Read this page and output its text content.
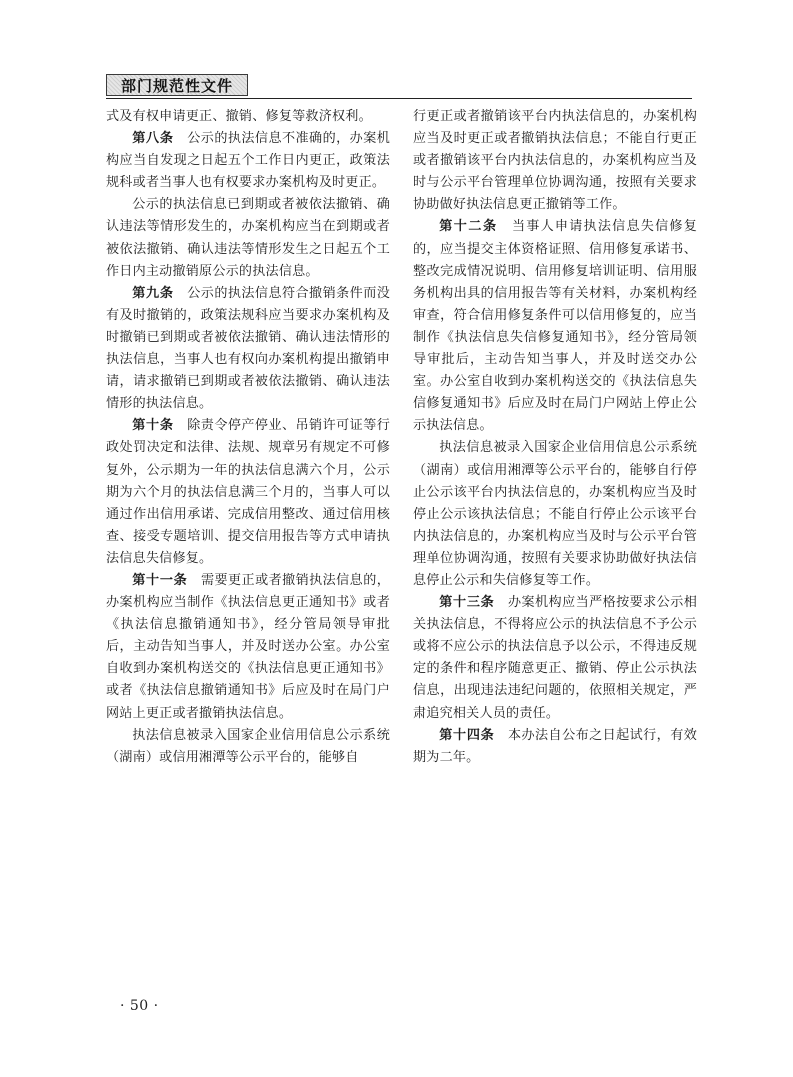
部门规范性文件

式及有权申请更正、撤销、修复等救济权利。

第八条　 公示的执法信息不准确的，办案机构应当自发现之日起五个工作日内更正，政策法规科或者当事人也有权要求办案机构及时更正。

公示的执法信息已到期或者被依法撤销、确认违法等情形发生的，办案机构应当在到期或者被依法撤销、确认违法等情形发生之日起五个工作日内主动撤销原公示的执法信息。

第九条　 公示的执法信息符合撤销条件而没有及时撤销的，政策法规科应当要求办案机构及时撤销已到期或者被依法撤销、确认违法情形的执法信息，当事人也有权向办案机构提出撤销申请，请求撤销已到期或者被依法撤销、确认违法情形的执法信息。

第十条　 除责令停产停业、吊销许可证等行政处罚决定和法律、法规、规章另有规定不可修复外，公示期为一年的执法信息满六个月，公示期为六个月的执法信息满三个月的，当事人可以通过作出信用承诺、完成信用整改、通过信用核查、接受专题培训、提交信用报告等方式申请执法信息失信修复。

第十一条　 需要更正或者撤销执法信息的，办案机构应当制作《执法信息更正通知书》或者《执法信息撤销通知书》，经分管局领导审批后，主动告知当事人，并及时送办公室。办公室自收到办案机构送交的《执法信息更正通知书》或者《执法信息撤销通知书》后应及时在局门户网站上更正或者撤销执法信息。

执法信息被录入国家企业信用信息公示系统（湖南）或信用湘潭等公示平台的，能够自

行更正或者撤销该平台内执法信息的，办案机构应当及时更正或者撤销执法信息；不能自行更正或者撤销该平台内执法信息的，办案机构应当及时与公示平台管理单位协调沟通，按照有关要求协助做好执法信息更正撤销等工作。

第十二条　 当事人申请执法信息失信修复的，应当提交主体资格证照、信用修复承诺书、整改完成情况说明、信用修复培训证明、信用服务机构出具的信用报告等有关材料，办案机构经审查，符合信用修复条件可以信用修复的，应当制作《执法信息失信修复通知书》，经分管局领导审批后，主动告知当事人，并及时送交办公室。办公室自收到办案机构送交的《执法信息失信修复通知书》后应及时在局门户网站上停止公示执法信息。

执法信息被录入国家企业信用信息公示系统（湖南）或信用湘潭等公示平台的，能够自行停止公示该平台内执法信息的，办案机构应当及时停止公示该执法信息；不能自行停止公示该平台内执法信息的，办案机构应当及时与公示平台管理单位协调沟通，按照有关要求协助做好执法信息停止公示和失信修复等工作。

第十三条　 办案机构应当严格按要求公示相关执法信息，不得将应公示的执法信息不予公示或将不应公示的执法信息予以公示，不得违反规定的条件和程序随意更正、撤销、停止公示执法信息，出现违法违纪问题的，依照相关规定，严肃追究相关人员的责任。

第十四条　 本办法自公布之日起试行，有效期为二年。

· 50 ·
